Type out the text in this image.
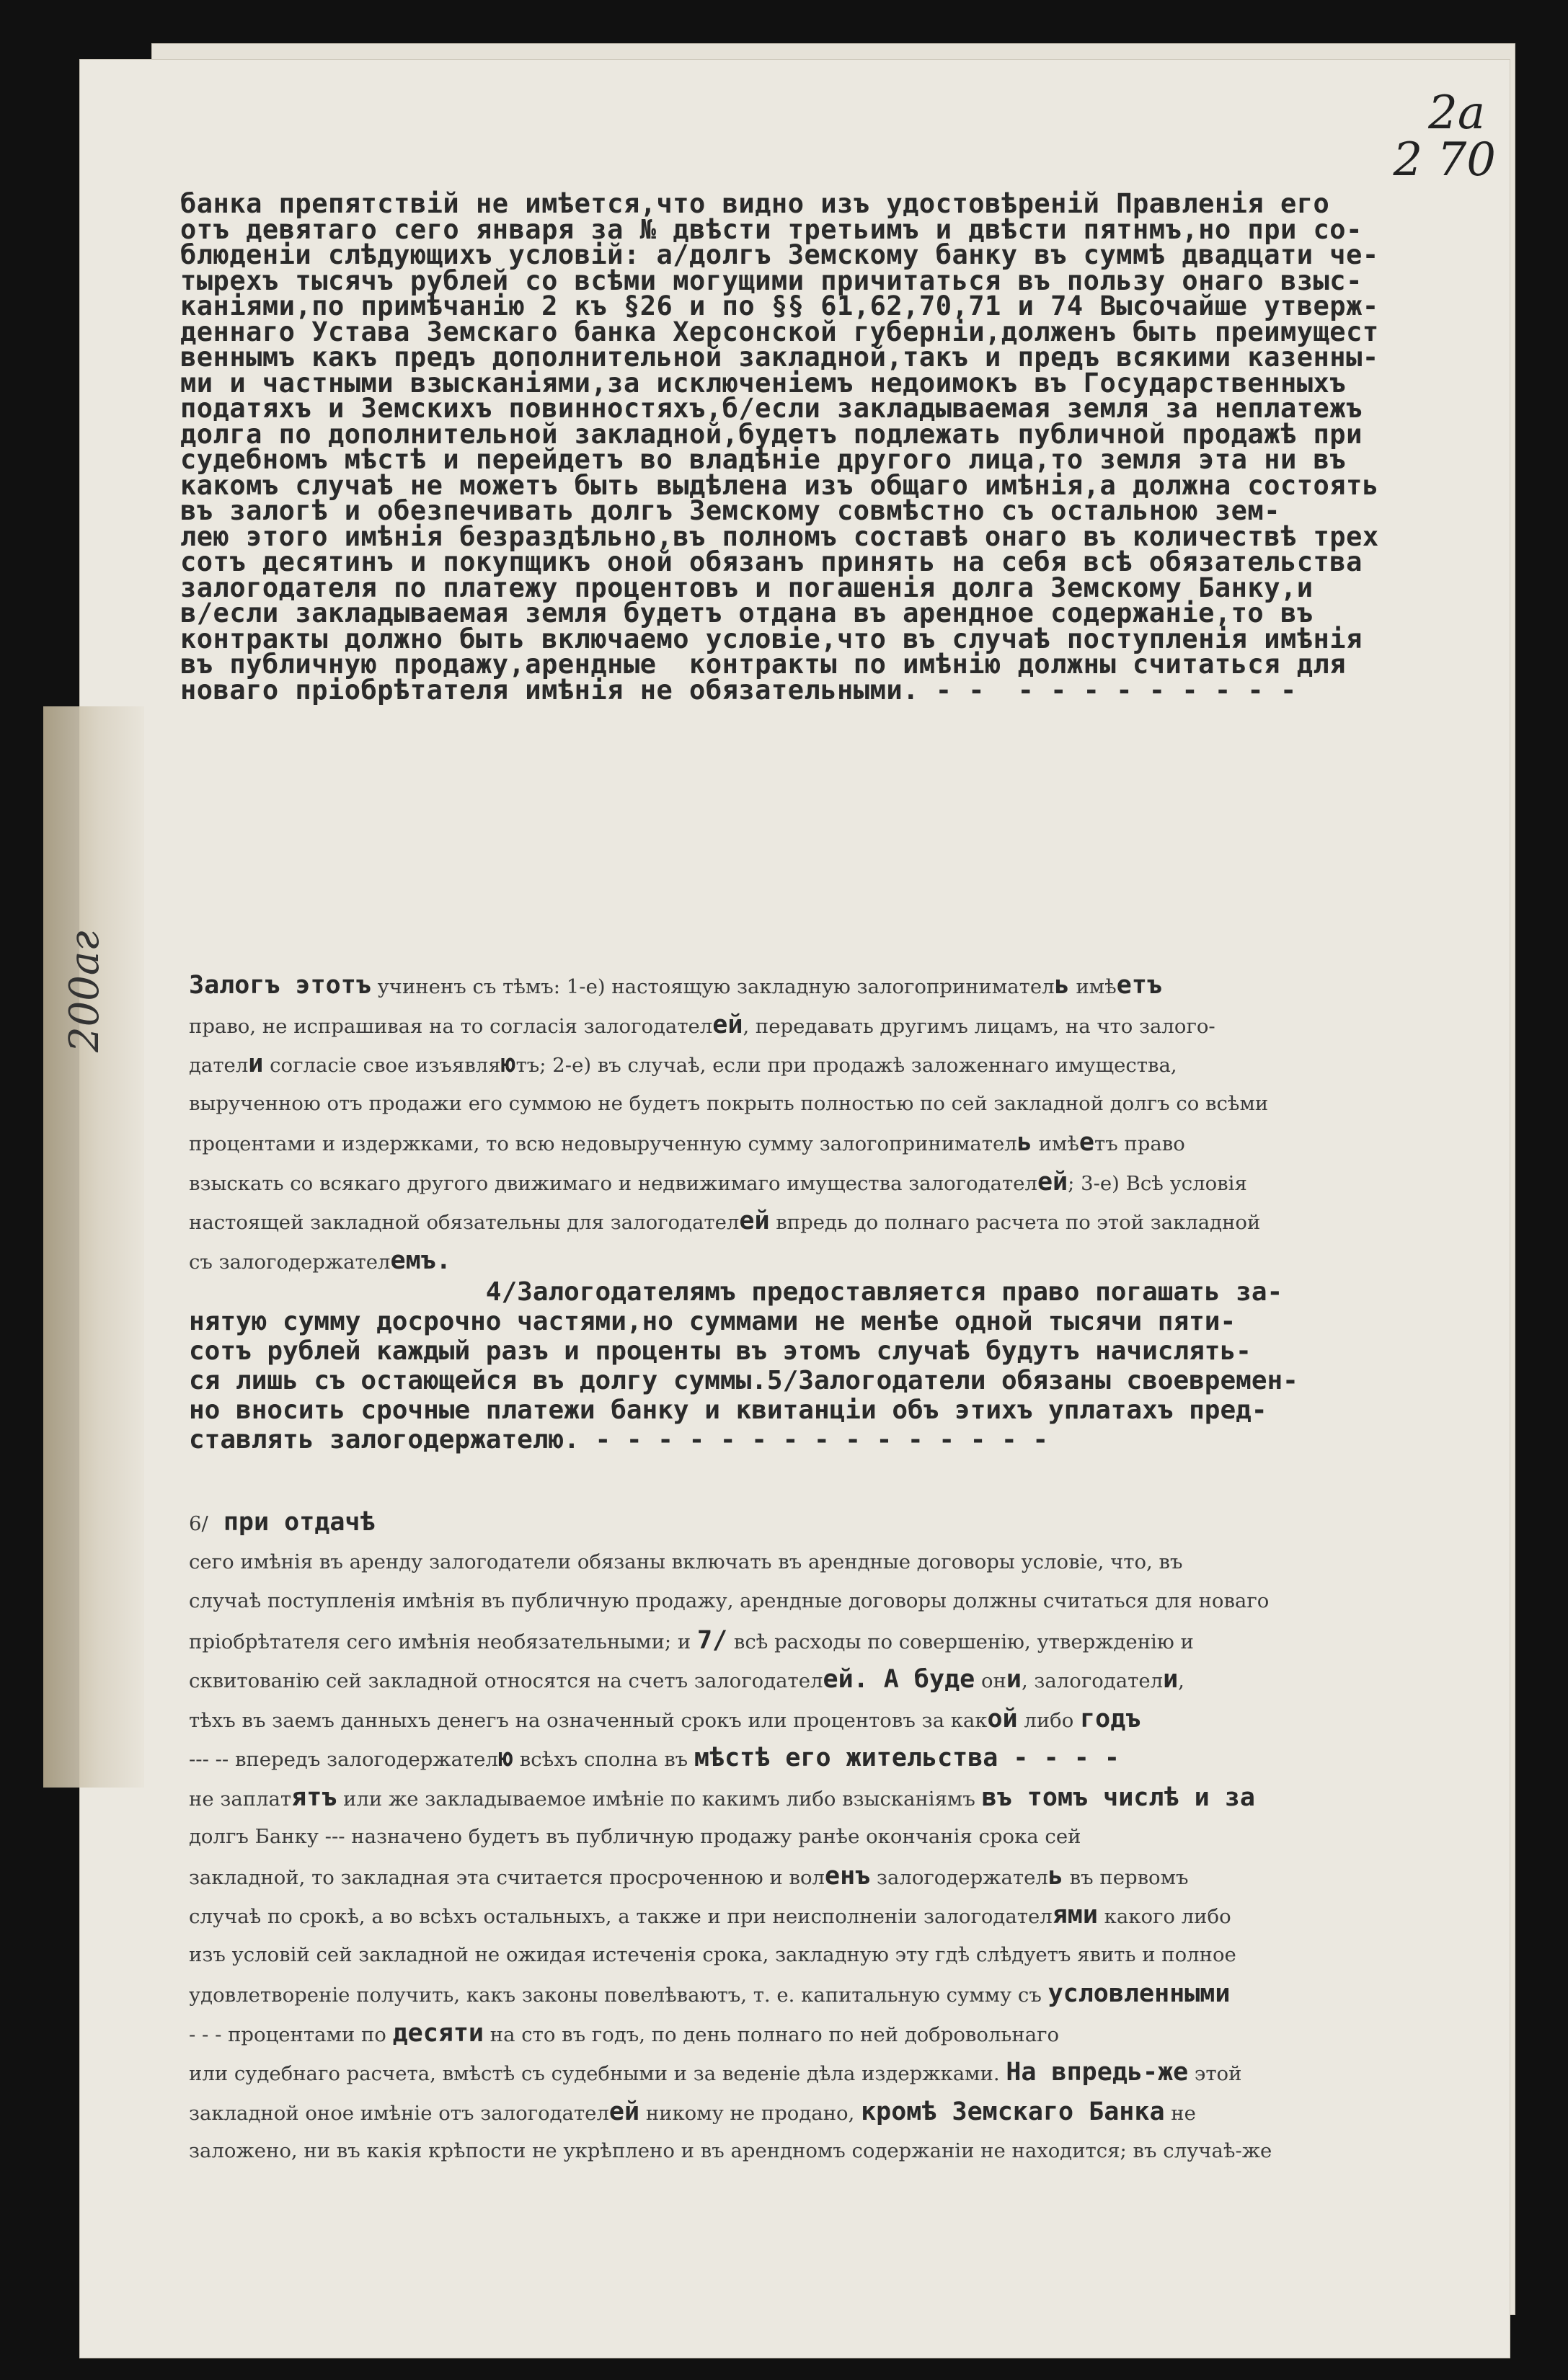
2a
2 70
200аг
банка препятствій не имѣется,что видно изъ удостовѣреній Правленія его
отъ девятаго сего января за № двѣсти третьимъ и двѣсти пятнмъ,но при со-
блюденіи слѣдующихъ условій: а/долгъ Земскому банку въ суммѣ двадцати че-
тырехъ тысячъ рублей со всѣми могущими причитаться въ пользу онаго взыс-
каніями,по примѣчанію 2 къ §26 и по §§ 61,62,70,71 и 74 Высочайше утверж-
деннаго Устава Земскаго банка Херсонской губерніи,долженъ быть преимущест
веннымъ какъ предъ дополнительной закладной,такъ и предъ всякими казенны-
ми и частными взысканіями,за исключеніемъ недоимокъ въ Государственныхъ
податяхъ и Земскихъ повинностяхъ,б/если закладываемая земля за неплатежъ
долга по дополнительной закладной,будетъ подлежать публичной продажѣ при
судебномъ мѣстѣ и перейдетъ во владѣніе другого лица,то земля эта ни въ
какомъ случаѣ не можетъ быть выдѣлена изъ общаго имѣнія,а должна состоять
въ залогѣ и обезпечивать долгъ Земскому совмѣстно съ остальною зем-
лею этого имѣнія безраздѣльно,въ полномъ составѣ онаго въ количествѣ трех
сотъ десятинъ и покупщикъ оной обязанъ принять на себя всѣ обязательства
залогодателя по платежу процентовъ и погашенія долга Земскому Банку,и
в/если закладываемая земля будетъ отдана въ арендное содержаніе,то въ
контракты должно быть включаемо условіе,что въ случаѣ поступленія имѣнія
въ публичную продажу,арендные  контракты по имѣнію должны считаться для
новаго пріобрѣтателя имѣнія не обязательными. - -  - - - - - - - - -
Залогъ этотъ учиненъ съ тѣмъ: 1-е) настоящую закладную залогоприниматель имѣетъ
право, не испрашивая на то согласія залогодателей, передавать другимъ лицамъ, на что залого-
датели согласіе свое изъявляютъ; 2-е) въ случаѣ, если при продажѣ заложеннаго имущества,
вырученною отъ продажи его суммою не будетъ покрыть полностью по сей закладной долгъ со всѣми
процентами и издержками, то всю недовырученную сумму залогоприниматель имѣетъ право
взыскать со всякаго другого движимаго и недвижимаго имущества залогодателей; 3-е) Всѣ условія
настоящей закладной обязательны для залогодателей впредь до полнаго расчета по этой закладной
съ залогодержателемъ.
4/Залогодателямъ предоставляется право погашать за-
нятую сумму досрочно частями,но суммами не менѣе одной тысячи пяти-
сотъ рублей каждый разъ и проценты въ этомъ случаѣ будутъ начислять-
ся лишь съ остающейся въ долгу суммы.5/Залогодатели обязаны своевремен-
но вносить срочные платежи банку и квитанціи объ этихъ уплатахъ пред-
ставлять залогодержателю. - - - - - - - - - - - - - - -
6/ при отдачѣ
сего имѣнія въ аренду залогодатели обязаны включать въ арендные договоры условіе, что, въ
случаѣ поступленія имѣнія въ публичную продажу, арендные договоры должны считаться для новаго
пріобрѣтателя сего имѣнія необязательными; и 7/ всѣ расходы по совершенію, утвержденію и
сквитованію сей закладной относятся на счетъ залогодателей. А буде они, залогодатели,
тѣхъ въ заемъ данныхъ денегъ на означенный срокъ или процентовъ за какой либо годъ
--- -- впередъ залогодержателю всѣхъ сполна въ мѣстѣ его жительства - - - -
не заплатятъ или же закладываемое имѣніе по какимъ либо взысканіямъ въ томъ числѣ и за
долгъ Банку --- назначено будетъ въ публичную продажу ранѣе окончанія срока сей
закладной, то закладная эта считается просроченною и воленъ залогодержатель въ первомъ
случаѣ по срокѣ, а во всѣхъ остальныхъ, а также и при неисполненіи залогодателями какого либо
изъ условій сей закладной не ожидая истеченія срока, закладную эту гдѣ слѣдуетъ явить и полное
удовлетвореніе получить, какъ законы повелѣваютъ, т. е. капитальную сумму съ условленными
- - - процентами по десяти на сто въ годъ, по день полнаго по ней добровольнаго
или судебнаго расчета, вмѣстѣ съ судебными и за веденіе дѣла издержками. На впредь-же этой
закладной оное имѣніе отъ залогодателей никому не продано, кромѣ Земскаго Банка не
заложено, ни въ какія крѣпости не укрѣплено и въ арендномъ содержаніи не находится; въ случаѣ-же
